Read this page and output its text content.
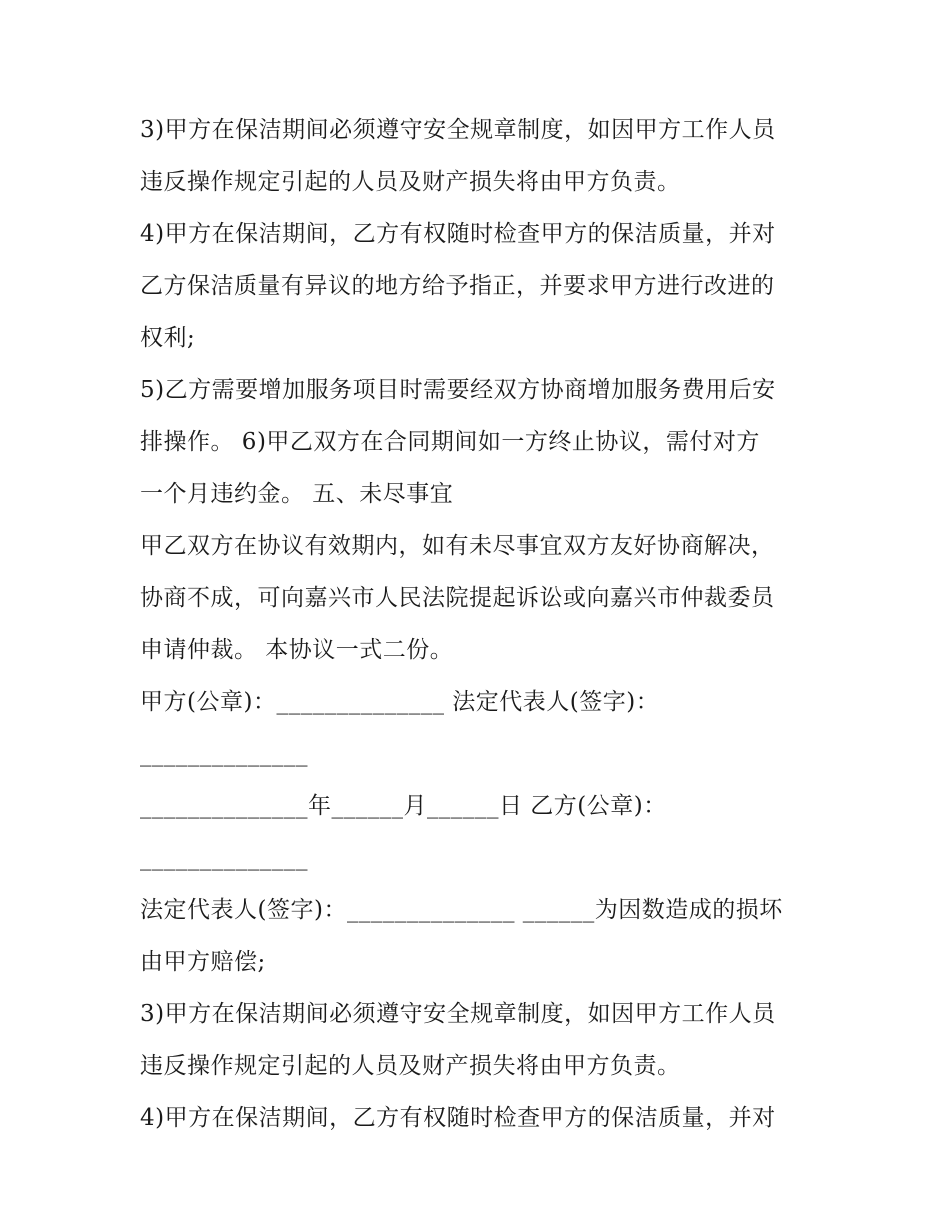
3)甲方在保洁期间必须遵守安全规章制度，如因甲方工作人员
违反操作规定引起的人员及财产损失将由甲方负责。
4)甲方在保洁期间，乙方有权随时检查甲方的保洁质量，并对
乙方保洁质量有异议的地方给予指正，并要求甲方进行改进的
权利;
5)乙方需要增加服务项目时需要经双方协商增加服务费用后安
排操作。 6)甲乙双方在合同期间如一方终止协议，需付对方
一个月违约金。 五、未尽事宜
甲乙双方在协议有效期内，如有未尽事宜双方友好协商解决，
协商不成，可向嘉兴市人民法院提起诉讼或向嘉兴市仲裁委员
申请仲裁。 本协议一式二份。
甲方(公章)：______________ 法定代表人(签字)：
______________
______________年______月______日 乙方(公章)：
______________
法定代表人(签字)：______________ ______为因数造成的损坏
由甲方赔偿;
3)甲方在保洁期间必须遵守安全规章制度，如因甲方工作人员
违反操作规定引起的人员及财产损失将由甲方负责。
4)甲方在保洁期间，乙方有权随时检查甲方的保洁质量，并对
